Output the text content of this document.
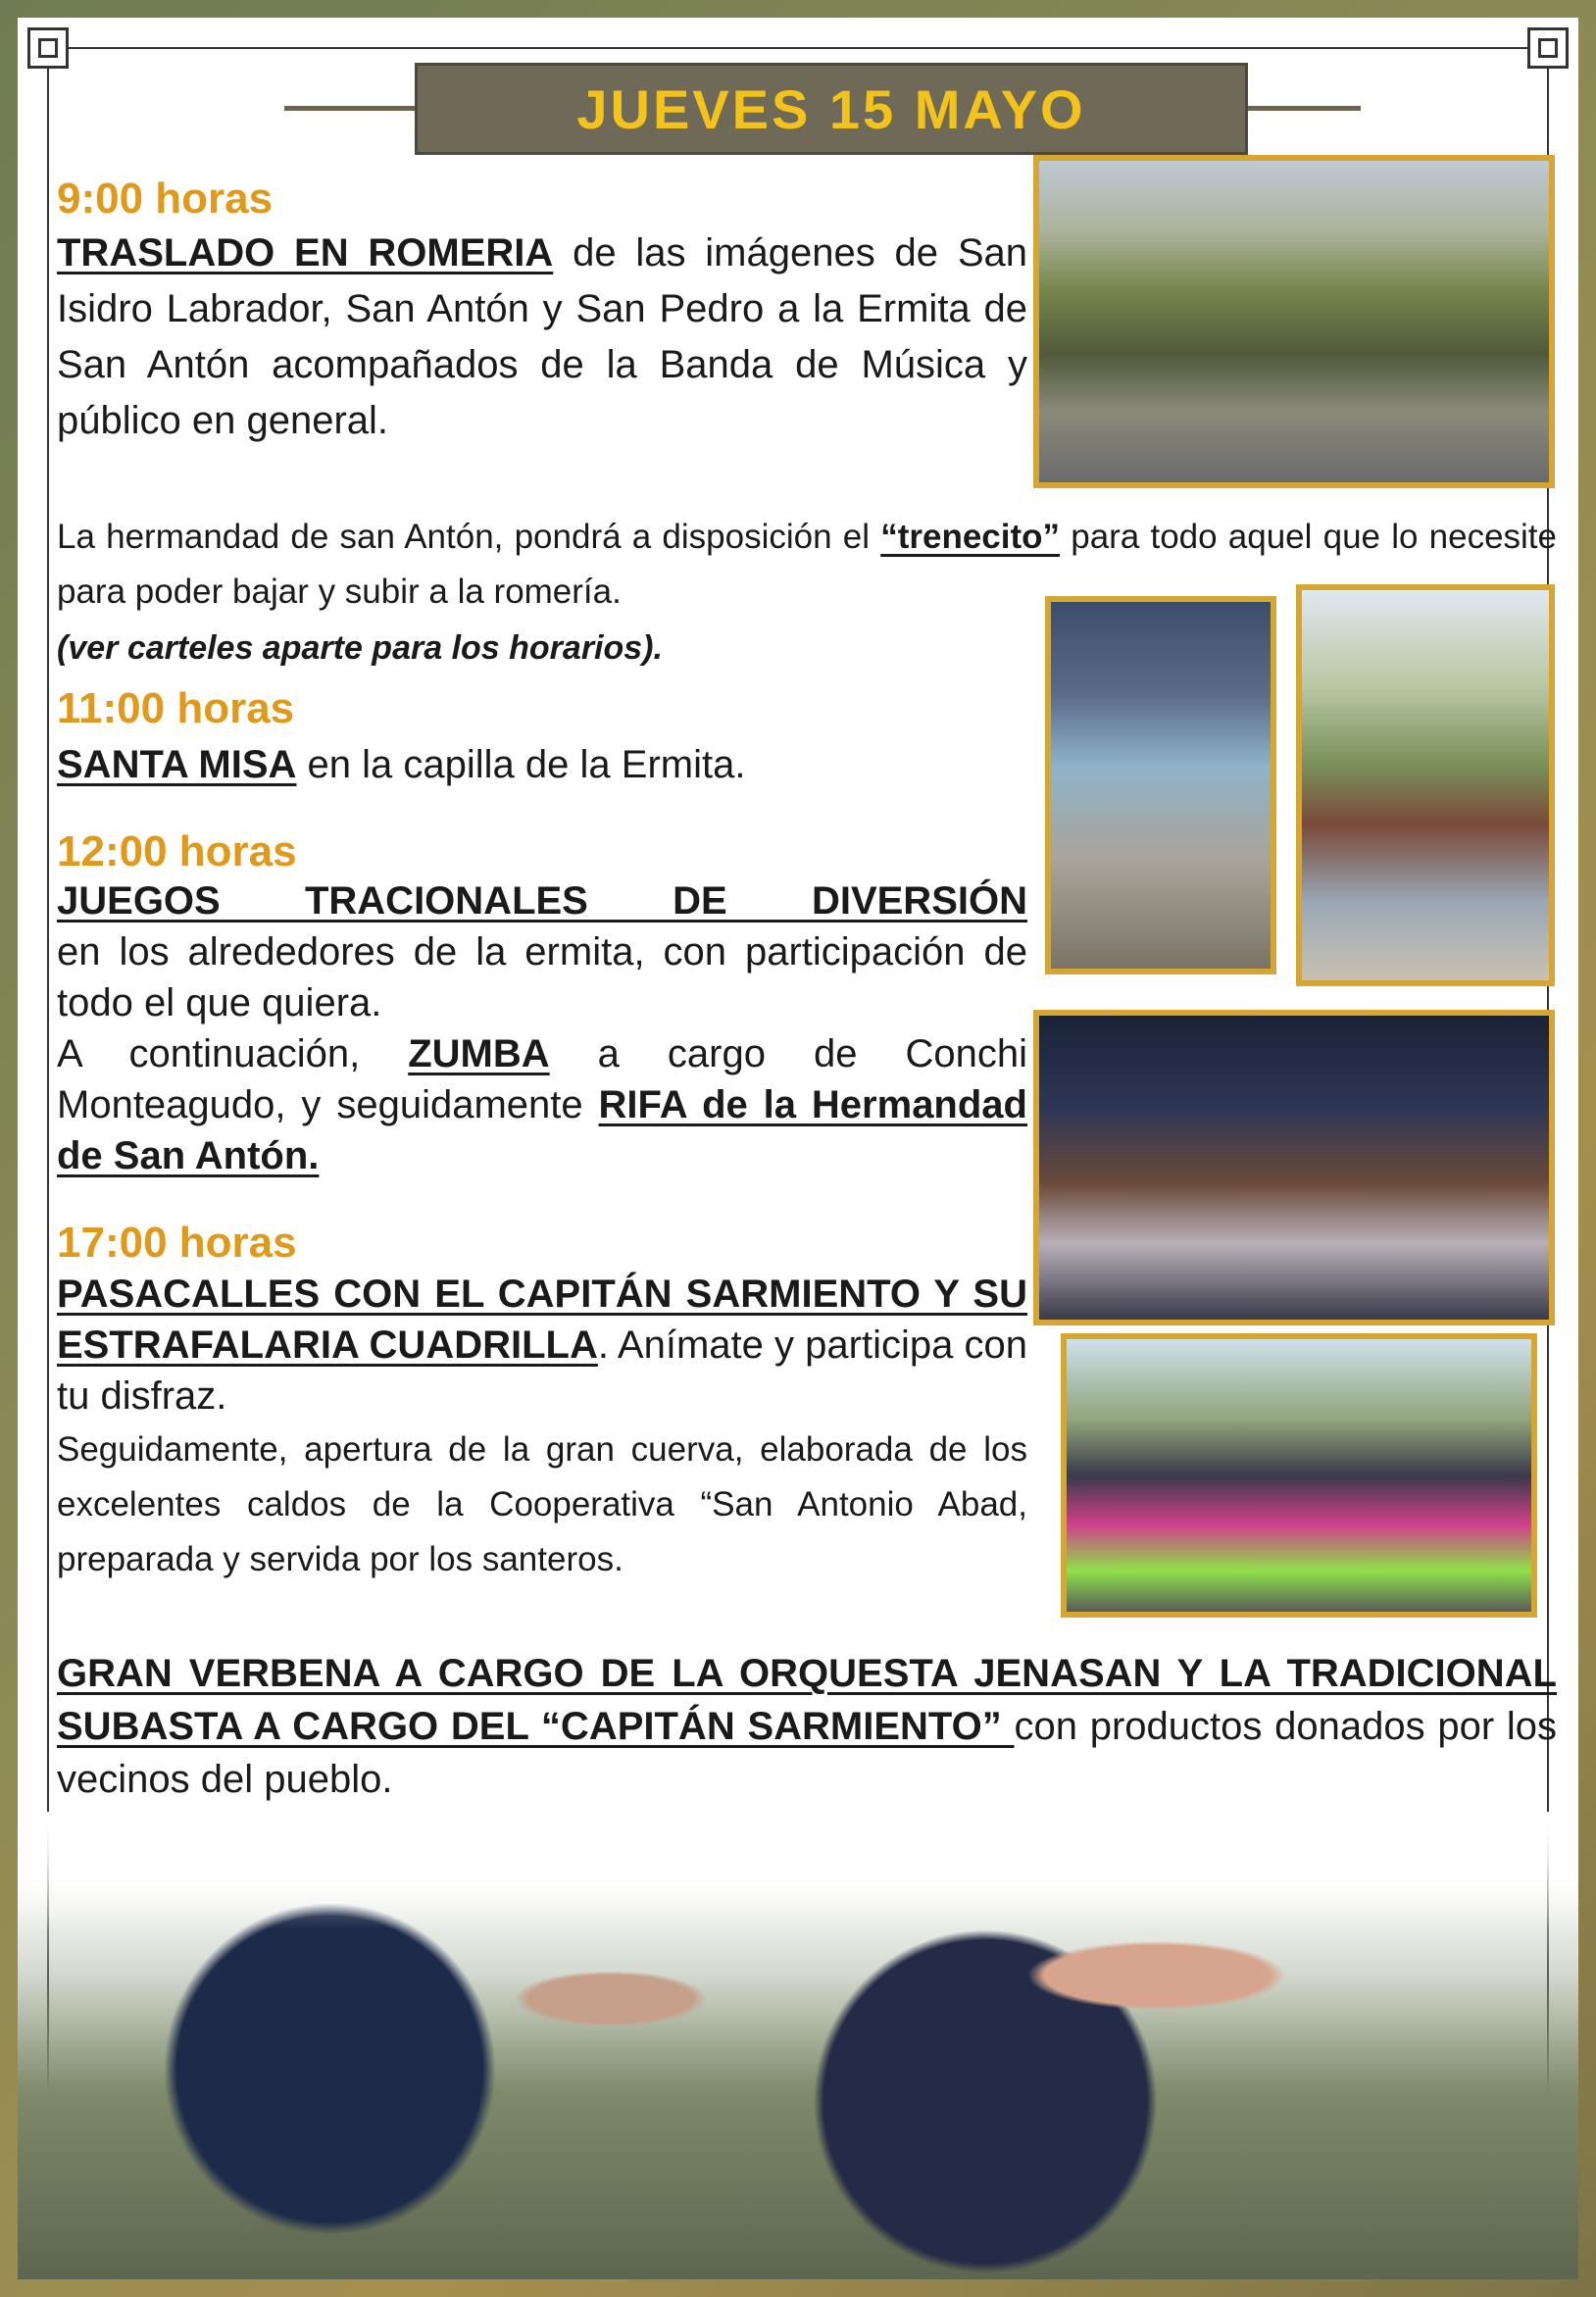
JUEVES 15 MAYO
9:00 horas
TRASLADO EN ROMERIA de las imágenes de San Isidro Labrador, San Antón y San Pedro a la Ermita de San Antón acompañados de la Banda de Música y público en general.
La hermandad de san Antón, pondrá a disposición el “trenecito” para todo aquel que lo necesite para poder bajar y subir a la romería.
(ver carteles aparte para los horarios).
11:00 horas
SANTA MISA en la capilla de la Ermita.
12:00 horas
JUEGOS TRACIONALES DE DIVERSIÓN
en los alrededores de la ermita, con participación de todo el que quiera.
A continuación, ZUMBA a cargo de Conchi Monteagudo, y seguidamente RIFA de la Hermandad de San Antón.
17:00 horas
PASACALLES CON EL CAPITÁN SARMIENTO Y SU ESTRAFALARIA CUADRILLA. Anímate y participa con tu disfraz.
Seguidamente, apertura de la gran cuerva, elaborada de los excelentes caldos de la Cooperativa “San Antonio Abad, preparada y servida por los santeros.
GRAN VERBENA A CARGO DE LA ORQUESTA JENASAN Y LA TRADICIONAL SUBASTA A CARGO DEL “CAPITÁN SARMIENTO” con productos donados por los vecinos del pueblo.
